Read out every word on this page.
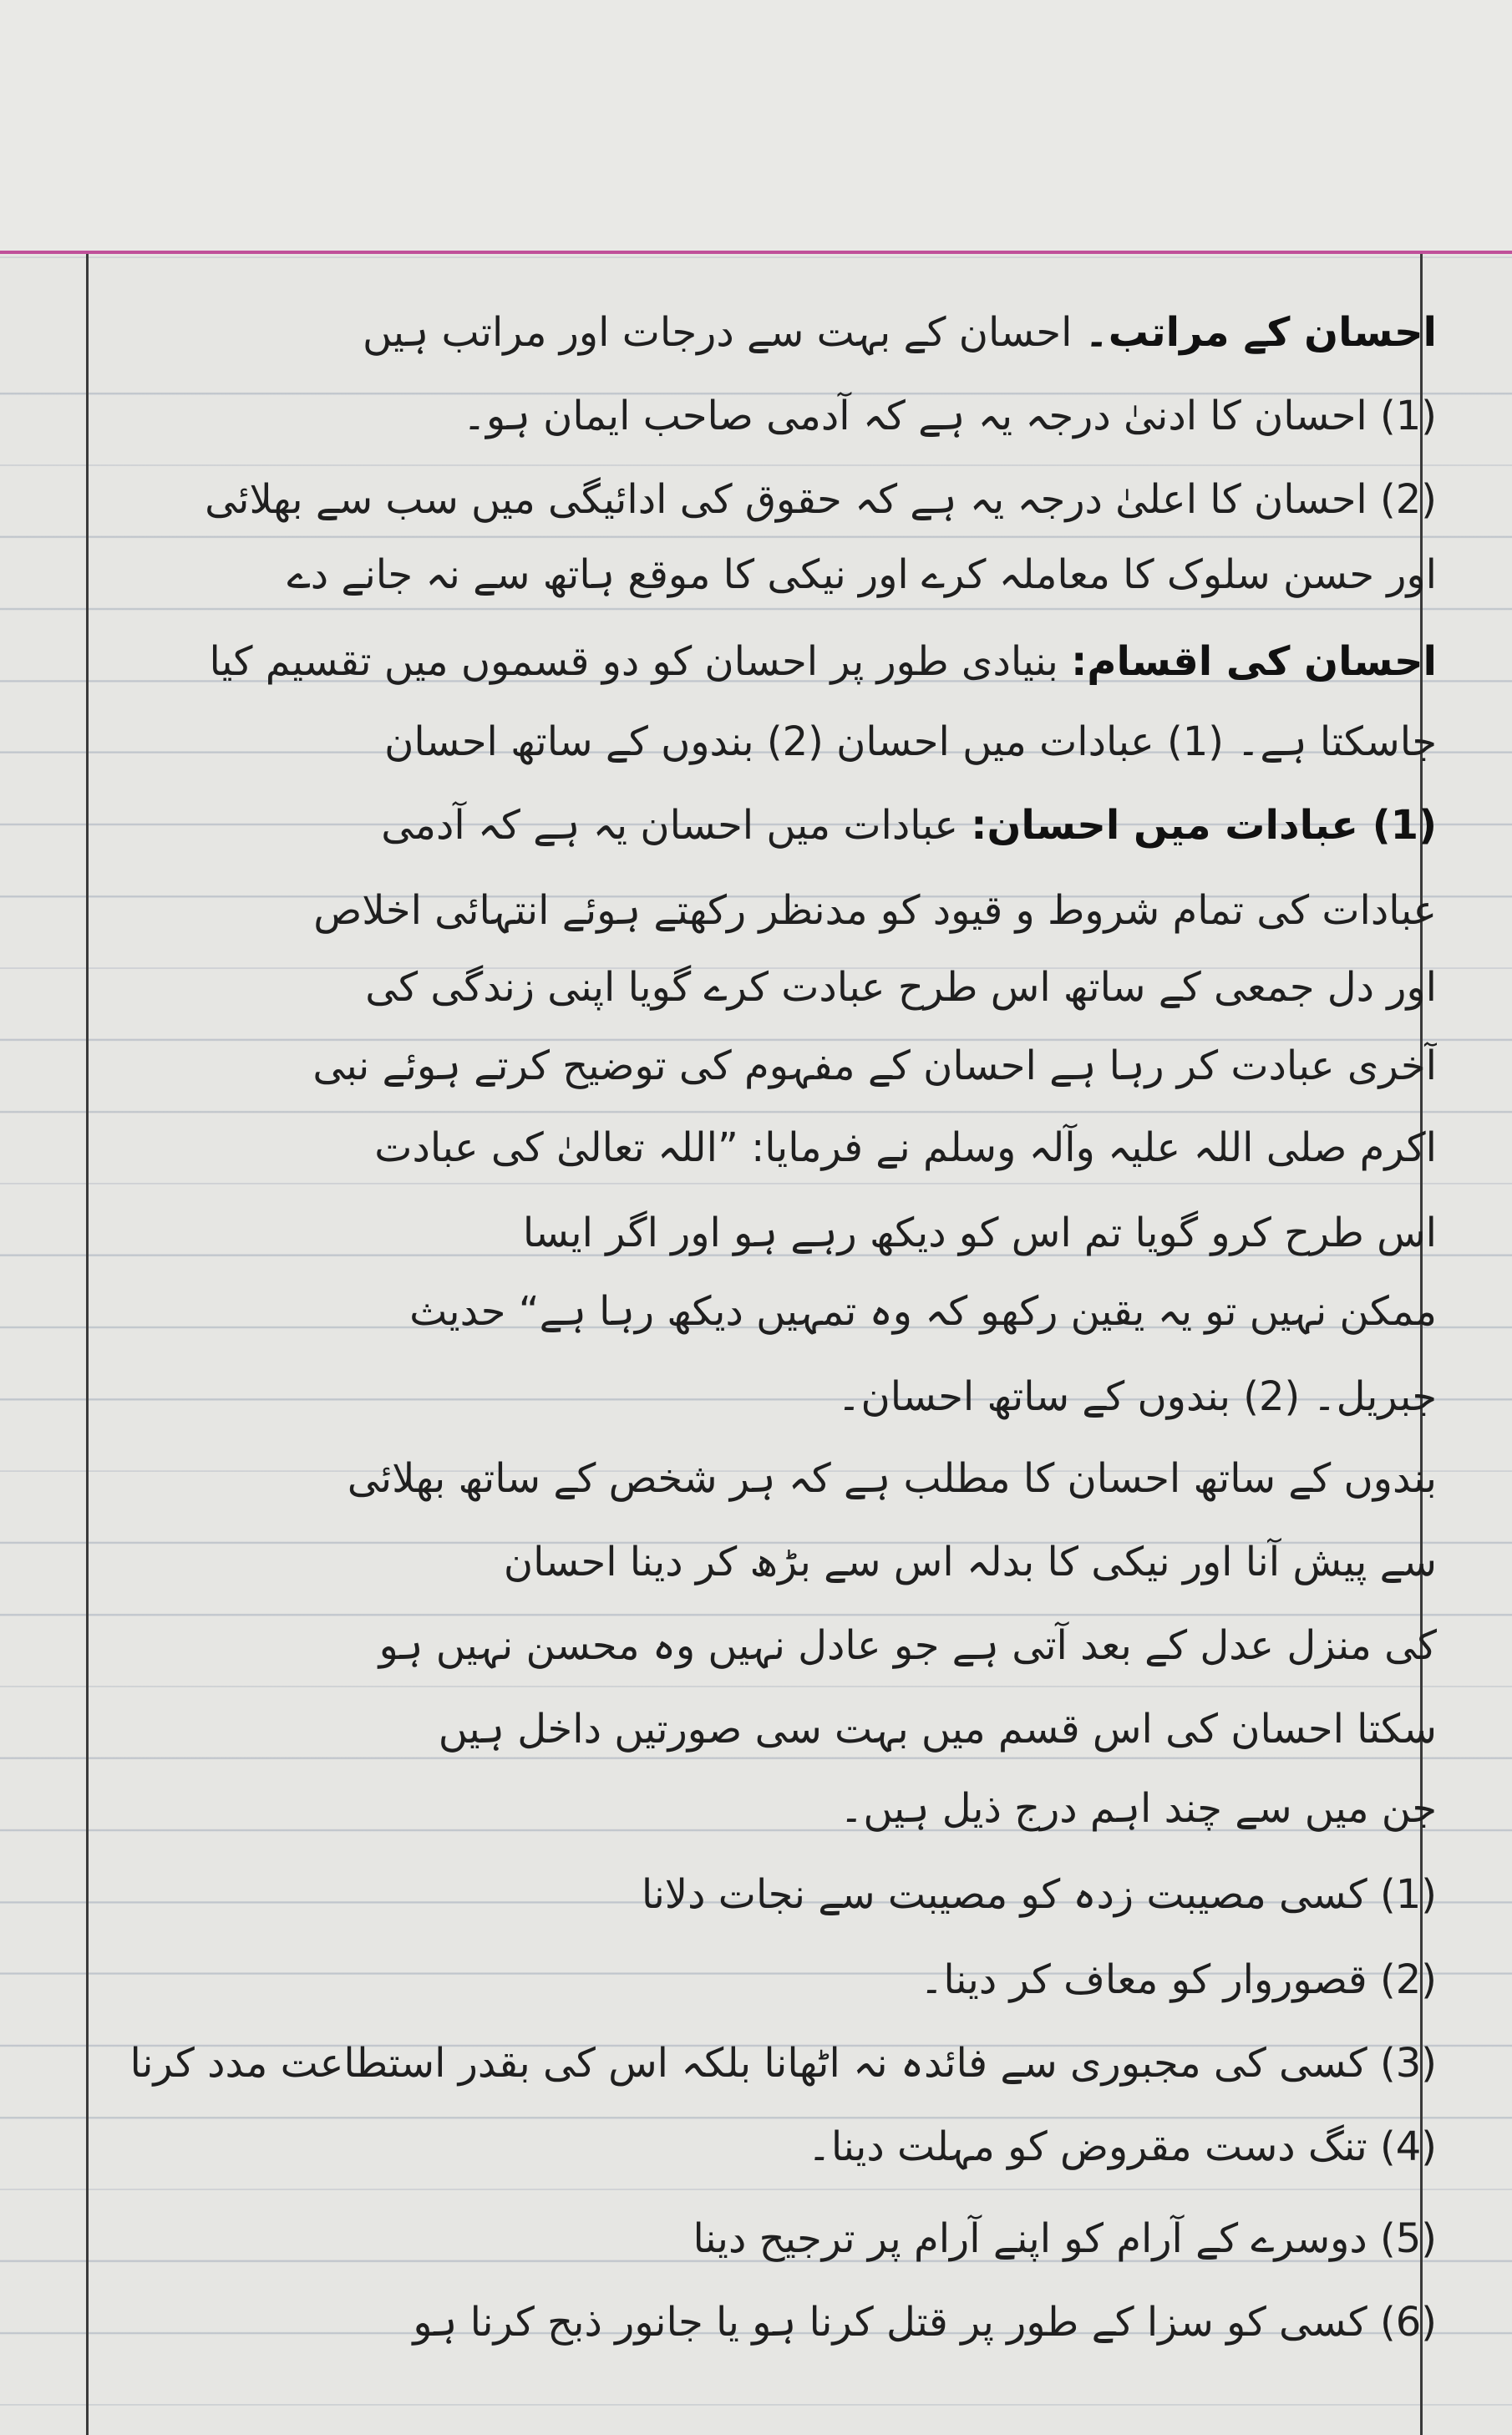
احسان کے مراتب۔ احسان کے بہت سے درجات اور مراتب ہیں
(1) احسان کا ادنیٰ درجہ یہ ہے کہ آدمی صاحب ایمان ہو۔
(2) احسان کا اعلیٰ درجہ یہ ہے کہ حقوق کی ادائیگی میں سب سے بھلائی
اور حسن سلوک کا معاملہ کرے اور نیکی کا موقع ہاتھ سے نہ جانے دے
احسان کی اقسام: بنیادی طور پر احسان کو دو قسموں میں تقسیم کیا
جاسکتا ہے۔ (1) عبادات میں احسان (2) بندوں کے ساتھ احسان
(1) عبادات میں احسان: عبادات میں احسان یہ ہے کہ آدمی
عبادات کی تمام شروط و قیود کو مدنظر رکھتے ہوئے انتہائی اخلاص
اور دل جمعی کے ساتھ اس طرح عبادت کرے گویا اپنی زندگی کی
آخری عبادت کر رہا ہے احسان کے مفہوم کی توضیح کرتے ہوئے نبی
اکرم صلی اللہ علیہ وآلہ وسلم نے فرمایا: ”اللہ تعالیٰ کی عبادت
اس طرح کرو گویا تم اس کو دیکھ رہے ہو اور اگر ایسا
ممکن نہیں تو یہ یقین رکھو کہ وہ تمہیں دیکھ رہا ہے“ حدیث
جبریل۔ (2) بندوں کے ساتھ احسان۔
بندوں کے ساتھ احسان کا مطلب ہے کہ ہر شخص کے ساتھ بھلائی
سے پیش آنا اور نیکی کا بدلہ اس سے بڑھ کر دینا احسان
کی منزل عدل کے بعد آتی ہے جو عادل نہیں وہ محسن نہیں ہو
سکتا احسان کی اس قسم میں بہت سی صورتیں داخل ہیں
جن میں سے چند اہم درج ذیل ہیں۔
(1) کسی مصیبت زدہ کو مصیبت سے نجات دلانا
(2) قصوروار کو معاف کر دینا۔
(3) کسی کی مجبوری سے فائدہ نہ اٹھانا بلکہ اس کی بقدر استطاعت مدد کرنا
(4) تنگ دست مقروض کو مہلت دینا۔
(5) دوسرے کے آرام کو اپنے آرام پر ترجیح دینا
(6) کسی کو سزا کے طور پر قتل کرنا ہو یا جانور ذبح کرنا ہو
